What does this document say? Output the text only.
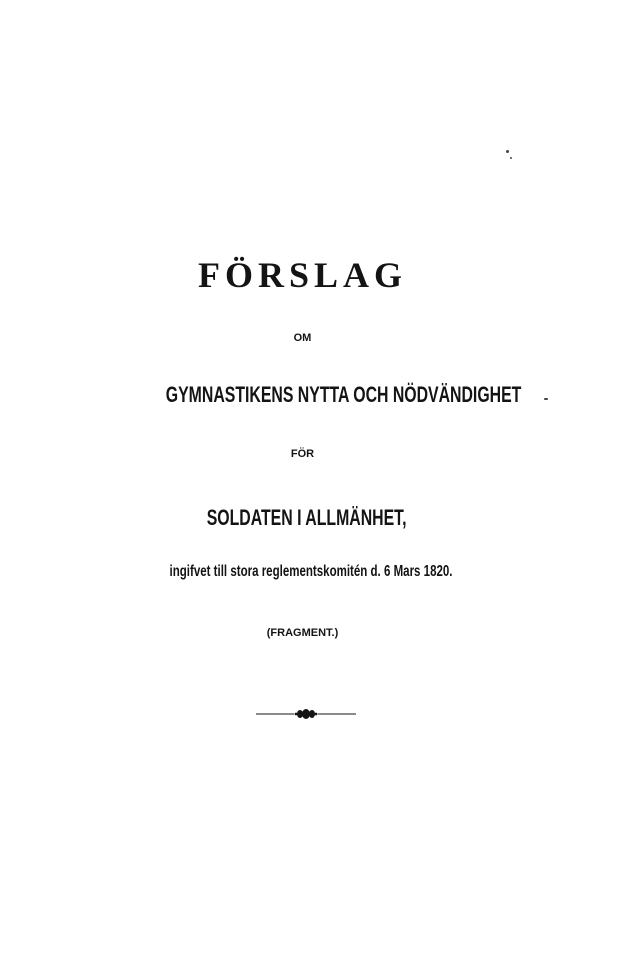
FÖRSLAG
OM
GYMNASTIKENS NYTTA OCH NÖDVÄNDIGHET
FÖR
SOLDATEN I ALLMÄNHET,
ingifvet till stora reglementskomitén d. 6 Mars 1820.
(FRAGMENT.)
